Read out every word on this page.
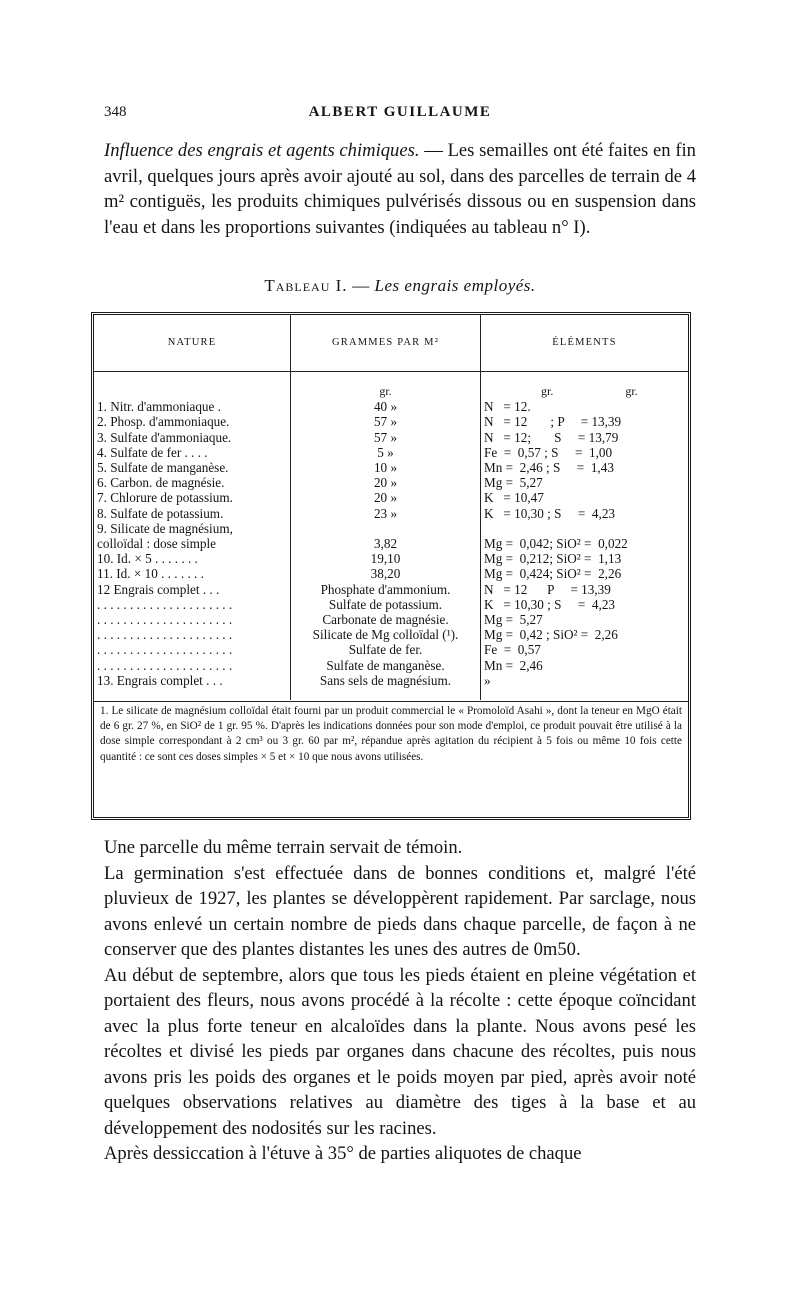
348	ALBERT GUILLAUME
Influence des engrais et agents chimiques. — Les semailles ont été faites en fin avril, quelques jours après avoir ajouté au sol, dans des parcelles de terrain de 4 m² contiguës, les produits chimiques pulvérisés dissous ou en suspension dans l'eau et dans les proportions suivantes (indiquées au tableau n° I).
Tableau I. — Les engrais employés.
NATURE	GRAMMES PAR M²	ÉLÉMENTS

	gr.	gr.                        gr.
1. Nitr. d'ammoniaque .	40 »	N   = 12.
2. Phosp. d'ammoniaque.	57 »	N   = 12       ; P     = 13,39
3. Sulfate d'ammoniaque.	57 »	N   = 12;       S     = 13,79
4. Sulfate de fer . . . .	5 »	Fe  =  0,57 ; S     =  1,00
5. Sulfate de manganèse.	10 »	Mn =  2,46 ; S     =  1,43
6. Carbon. de magnésie.	20 »	Mg =  5,27
7. Chlorure de potassium.	20 »	K   = 10,47
8. Sulfate de potassium.	23 »	K   = 10,30 ; S     =  4,23
9. Silicate de magnésium,		
colloïdal : dose simple	3,82	Mg =  0,042; SiO² =  0,022
10. Id. × 5 . . . . . . .	19,10	Mg =  0,212; SiO² =  1,13
11. Id. × 10 . . . . . . .	38,20	Mg =  0,424; SiO² =  2,26
12 Engrais complet . . .	Phosphate d'ammonium.	N   = 12      P     = 13,39
. . . . . . . . . . . . . . . . . . . . .	Sulfate de potassium.	K   = 10,30 ; S     =  4,23
. . . . . . . . . . . . . . . . . . . . .	Carbonate de magnésie.	Mg =  5,27
. . . . . . . . . . . . . . . . . . . . .	Silicate de Mg colloïdal (¹).	Mg =  0,42 ; SiO² =  2,26
. . . . . . . . . . . . . . . . . . . . .	Sulfate de fer.	Fe  =  0,57
. . . . . . . . . . . . . . . . . . . . .	Sulfate de manganèse.	Mn =  2,46
13. Engrais complet . . .	Sans sels de magnésium.	»

1. Le silicate de magnésium colloïdal était fourni par un produit commercial le « Promoloïd Asahi », dont la teneur en MgO était de 6 gr. 27 %, en SiO² de 1 gr. 95 %. D'après les indications données pour son mode d'emploi, ce produit pouvait être utilisé à la dose simple correspondant à 2 cm³ ou 3 gr. 60 par m², répandue après agitation du récipient à 5 fois ou même 10 fois cette quantité : ce sont ces doses simples × 5 et × 10 que nous avons utilisées.

Une parcelle du même terrain servait de témoin.

La germination s'est effectuée dans de bonnes conditions et, malgré l'été pluvieux de 1927, les plantes se développèrent rapidement. Par sarclage, nous avons enlevé un certain nombre de pieds dans chaque parcelle, de façon à ne conserver que des plantes distantes les unes des autres de 0m50.

Au début de septembre, alors que tous les pieds étaient en pleine végétation et portaient des fleurs, nous avons procédé à la récolte : cette époque coïncidant avec la plus forte teneur en alcaloïdes dans la plante. Nous avons pesé les récoltes et divisé les pieds par organes dans chacune des récoltes, puis nous avons pris les poids des organes et le poids moyen par pied, après avoir noté quelques observations relatives au diamètre des tiges à la base et au développement des nodosités sur les racines.

Après dessiccation à l'étuve à 35° de parties aliquotes de chaque
